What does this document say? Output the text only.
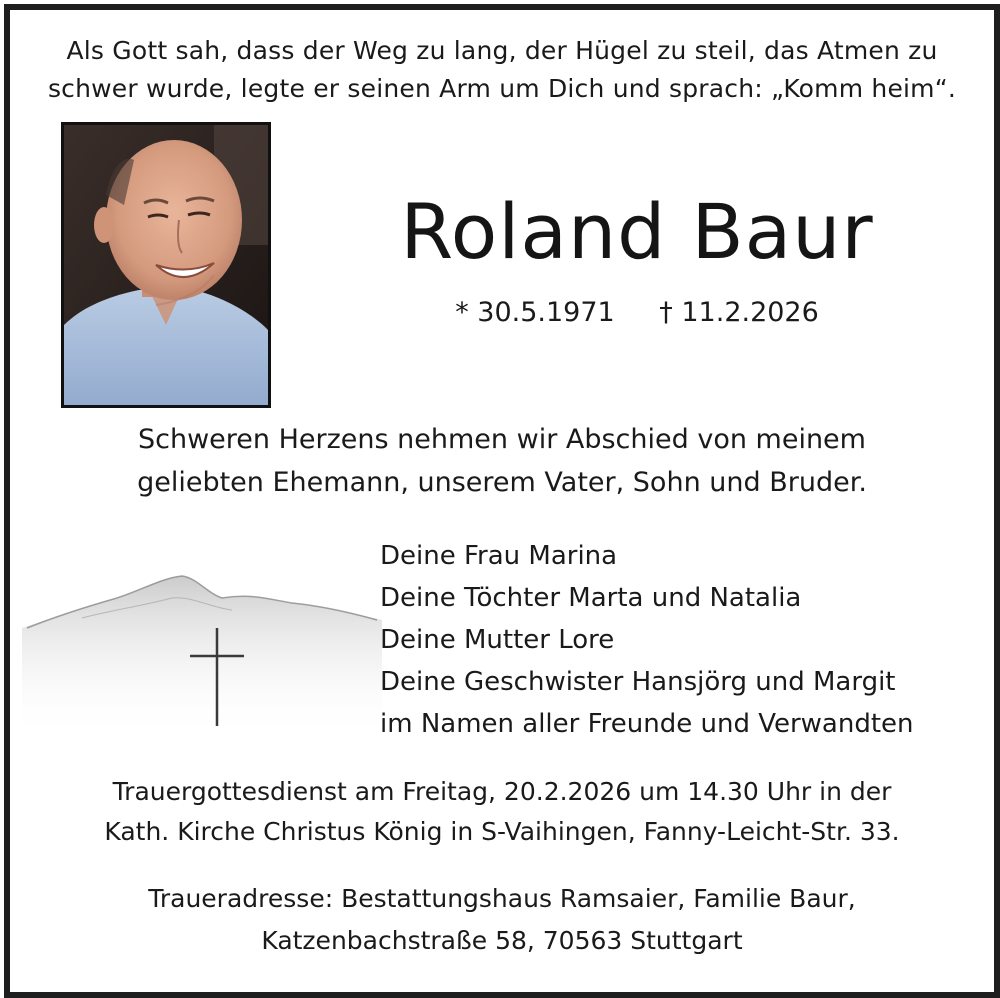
Als Gott sah, dass der Weg zu lang, der Hügel zu steil, das Atmen zu
schwer wurde, legte er seinen Arm um Dich und sprach: „Komm heim“.
Roland Baur
* 30.5.1971 † 11.2.2026
Schweren Herzens nehmen wir Abschied von meinem
geliebten Ehemann, unserem Vater, Sohn und Bruder.
Deine Frau Marina
Deine Töchter Marta und Natalia
Deine Mutter Lore
Deine Geschwister Hansjörg und Margit
im Namen aller Freunde und Verwandten
Trauergottesdienst am Freitag, 20.2.2026 um 14.30 Uhr in der
Kath. Kirche Christus König in S-Vaihingen, Fanny-Leicht-Str. 33.
Traueradresse: Bestattungshaus Ramsaier, Familie Baur,
Katzenbachstraße 58, 70563 Stuttgart
